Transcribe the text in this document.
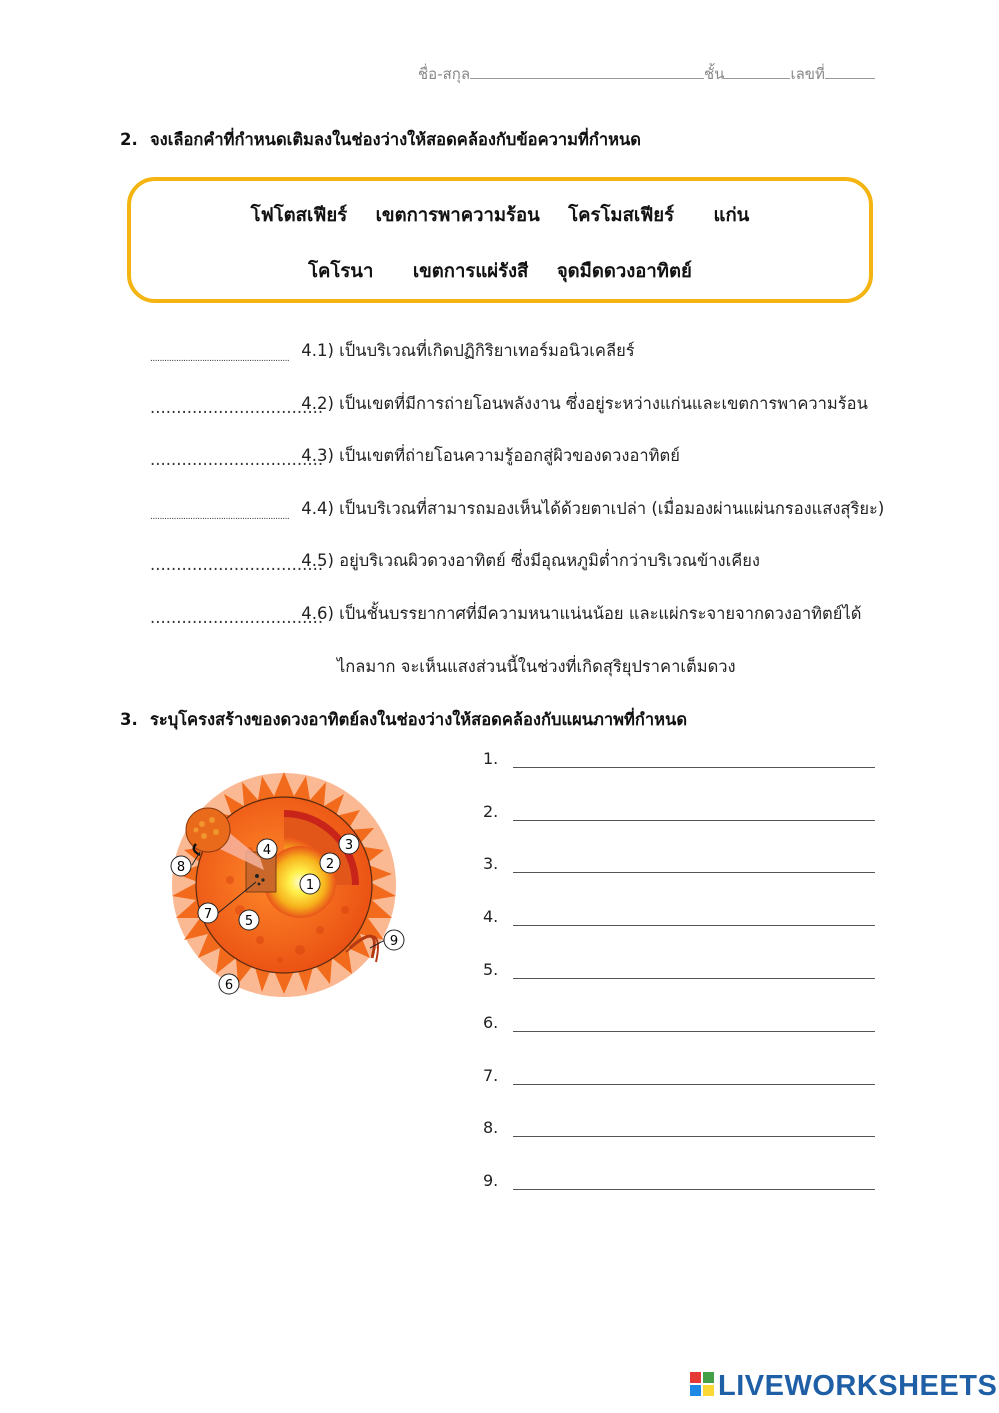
ชื่อ-สกุล	ชั้น	เลขที่
2. จงเลือกคำที่กำหนดเติมลงในช่องว่างให้สอดคล้องกับข้อความที่กำหนด
โฟโตสเฟียร์ เขตการพาความร้อน โครโมสเฟียร์ แก่น
โคโรนา เขตการแผ่รังสี จุดมืดดวงอาทิตย์
........................................................... 4.1) เป็นบริเวณที่เกิดปฏิกิริยาเทอร์มอนิวเคลียร์
................................. 4.2) เป็นเขตที่มีการถ่ายโอนพลังงาน ซึ่งอยู่ระหว่างแก่นและเขตการพาความร้อน
................................. 4.3) เป็นเขตที่ถ่ายโอนความรู้ออกสู่ผิวของดวงอาทิตย์
........................................................... 4.4) เป็นบริเวณที่สามารถมองเห็นได้ด้วยตาเปล่า (เมื่อมองผ่านแผ่นกรองแสงสุริยะ)
................................. 4.5) อยู่บริเวณผิวดวงอาทิตย์ ซึ่งมีอุณหภูมิต่ำกว่าบริเวณข้างเคียง
................................. 4.6) เป็นชั้นบรรยากาศที่มีความหนาแน่นน้อย และแผ่กระจายจากดวงอาทิตย์ได้
ไกลมาก จะเห็นแสงส่วนนี้ในช่วงที่เกิดสุริยุปราคาเต็มดวง
3. ระบุโครงสร้างของดวงอาทิตย์ลงในช่องว่างให้สอดคล้องกับแผนภาพที่กำหนด
1
2
3
4
5
6
7
8
9
1.
2.
3.
4.
5.
6.
7.
8.
9.
LIVEWORKSHEETS
